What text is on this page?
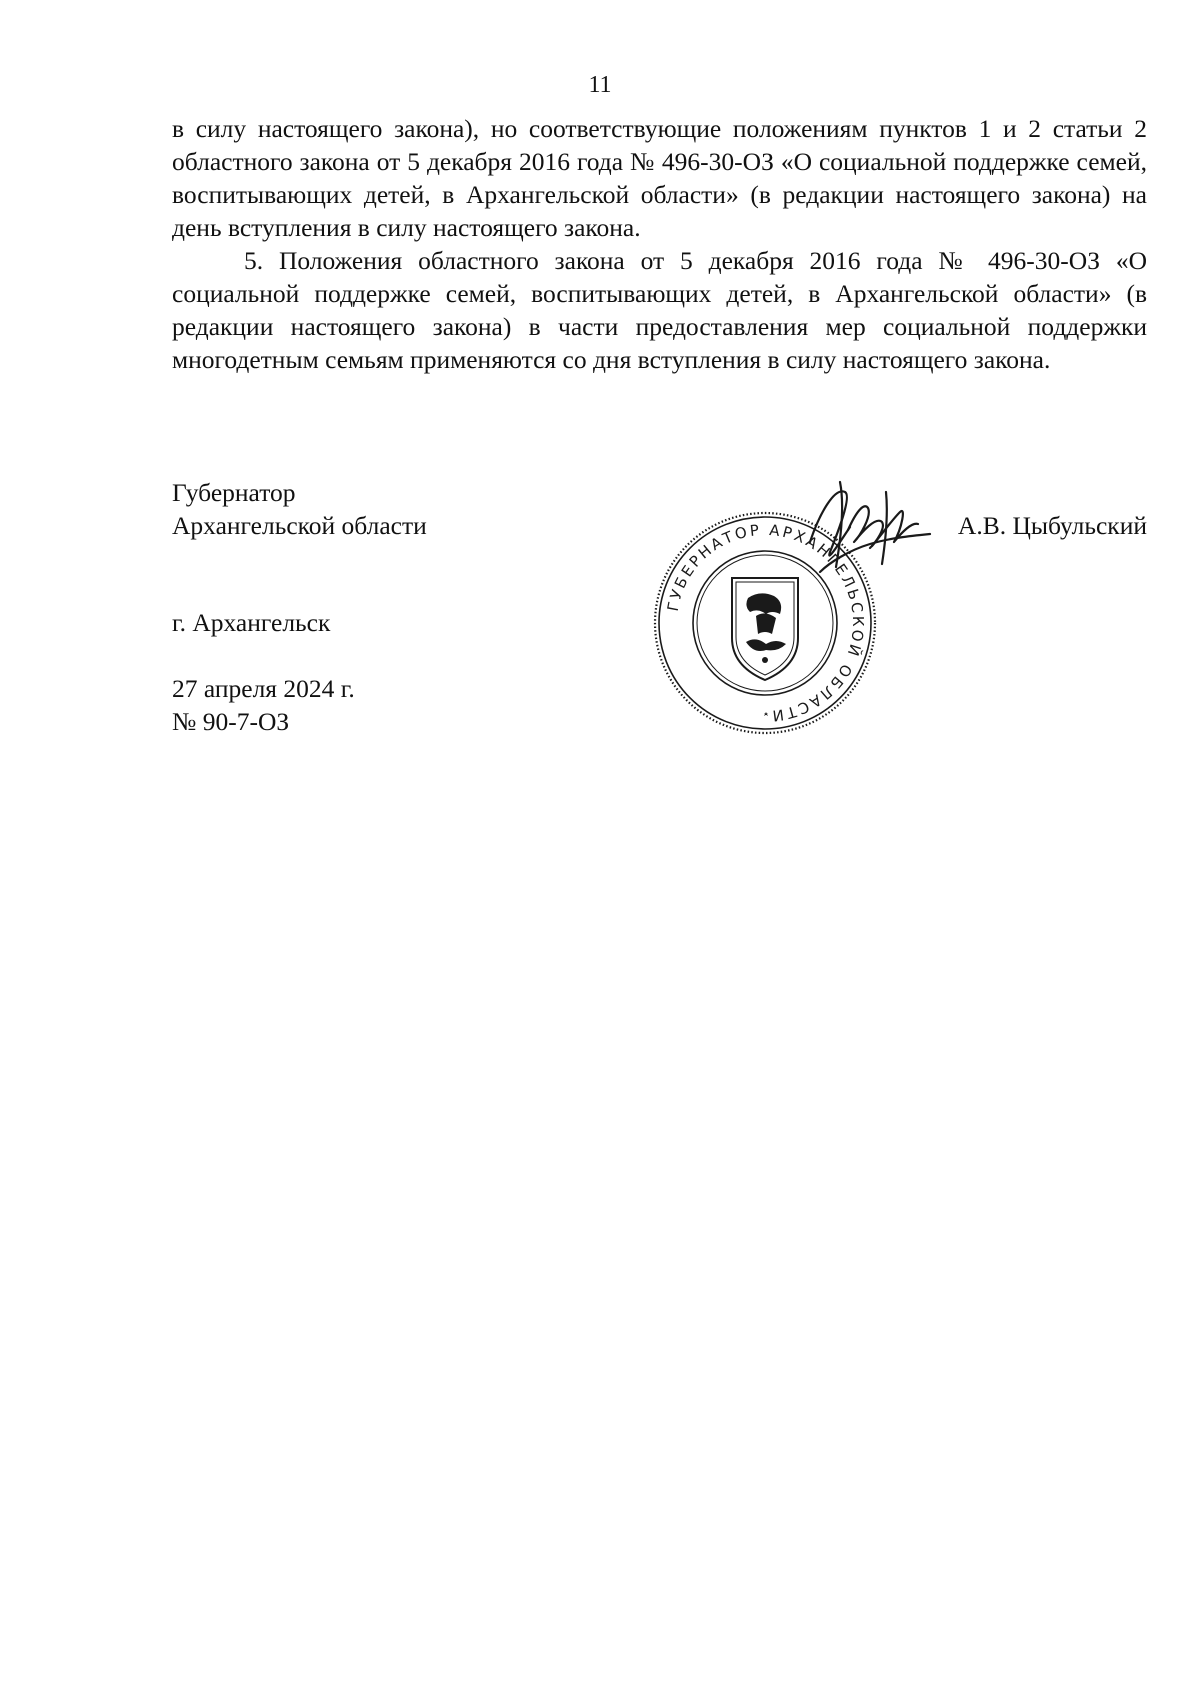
11

в силу настоящего закона), но соответствующие положениям пунктов 1 и 2 статьи 2 областного закона от 5 декабря 2016 года № 496-30-ОЗ «О социальной поддержке семей, воспитывающих детей, в Архангельской области» (в редакции настоящего закона) на день вступления в силу настоящего закона.

5. Положения областного закона от 5 декабря 2016 года № 496-30-ОЗ «О социальной поддержке семей, воспитывающих детей, в Архангельской области» (в редакции настоящего закона) в части предоставления мер социальной поддержки многодетным семьям применяются со дня вступления в силу настоящего закона.

Губернатор
Архангельской области	А.В. Цыбульский
г. Архангельск
27 апреля 2024 г.
№ 90-7-ОЗ
ГУБЕРНАТОР АРХАНГЕЛЬСКОЙ ОБЛАСТИ
